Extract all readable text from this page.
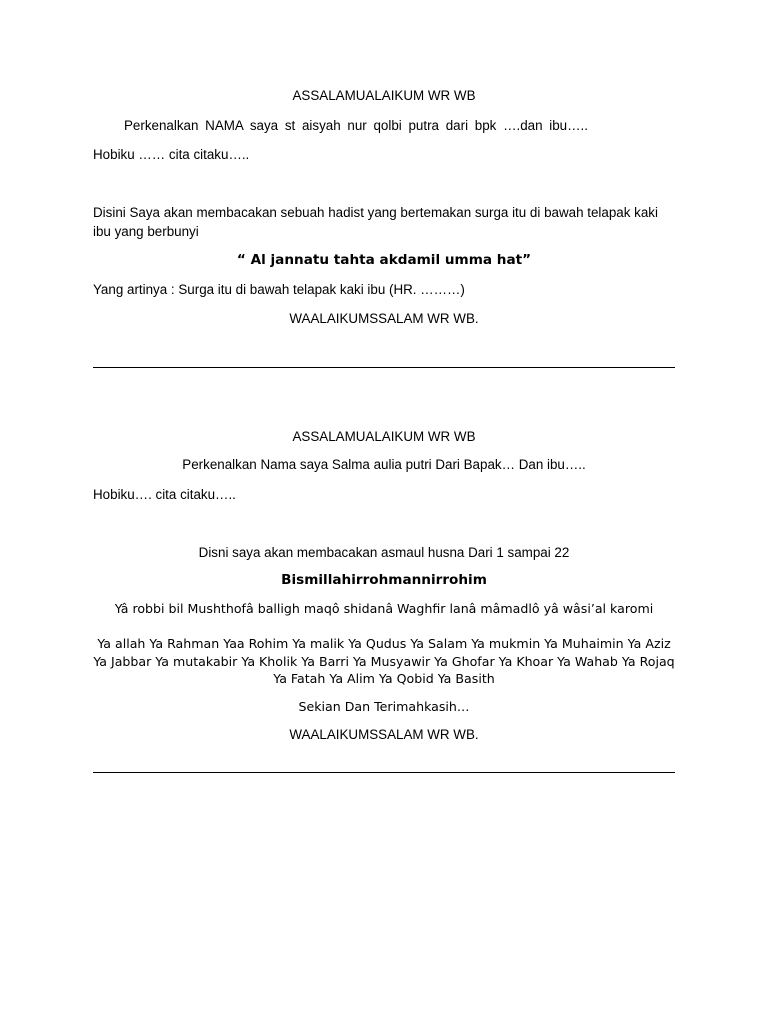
ASSALAMUALAIKUM WR WB

Perkenalkan NAMA saya st aisyah nur qolbi putra dari bpk ….dan ibu…..

Hobiku …… cita citaku…..

Disini Saya akan membacakan sebuah hadist yang bertemakan surga itu di bawah telapak kaki ibu yang berbunyi

“ Al jannatu tahta akdamil umma hat”

Yang artinya : Surga itu di bawah telapak kaki ibu (HR. ………)

WAALAIKUMSSALAM WR WB.

ASSALAMUALAIKUM WR WB

Perkenalkan Nama saya Salma aulia putri Dari Bapak… Dan ibu…..

Hobiku…. cita citaku…..

Disni saya akan membacakan asmaul husna Dari 1 sampai 22

Bismillahirrohmannirrohim

Yâ robbi bil Mushthofâ balligh maqô shidanâ Waghfir lanâ mâmadlô yâ wâsi’al karomi

Ya allah Ya Rahman Yaa Rohim Ya malik Ya Qudus Ya Salam Ya mukmin Ya Muhaimin Ya Aziz Ya Jabbar Ya mutakabir Ya Kholik Ya Barri Ya Musyawir Ya Ghofar Ya Khoar Ya Wahab Ya Rojaq Ya Fatah Ya Alim Ya Qobid Ya Basith

Sekian Dan Terimahkasih…

WAALAIKUMSSALAM WR WB.
